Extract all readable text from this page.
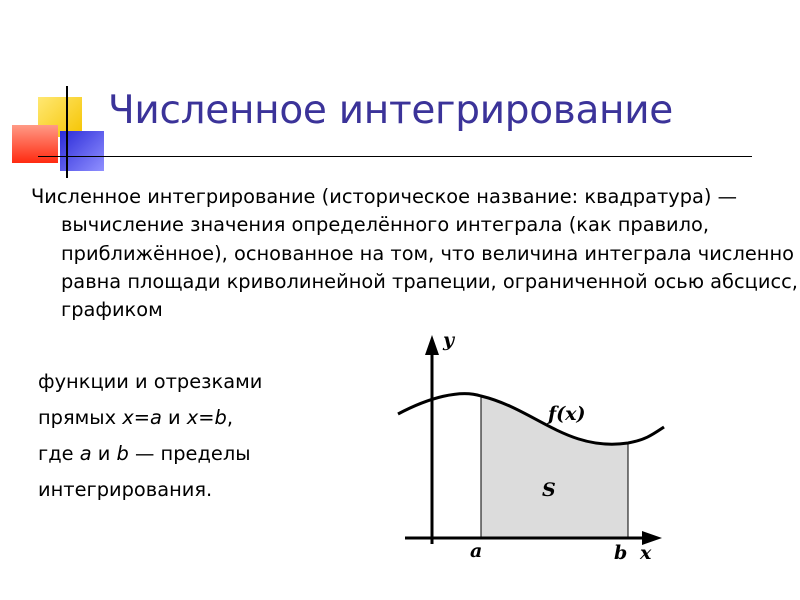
Численное интегрирование

Численное интегрирование (историческое название: квадратура) — вычисление значения определённого интеграла (как правило, приближённое), основанное на том, что величина интеграла численно равна площади криволинейной трапеции, ограниченной осью абсцисс, графиком

функции и отрезками
прямых x=a и x=b,
где a и b — пределы
интегрирования.
y
x
a	b
f(x)
S
